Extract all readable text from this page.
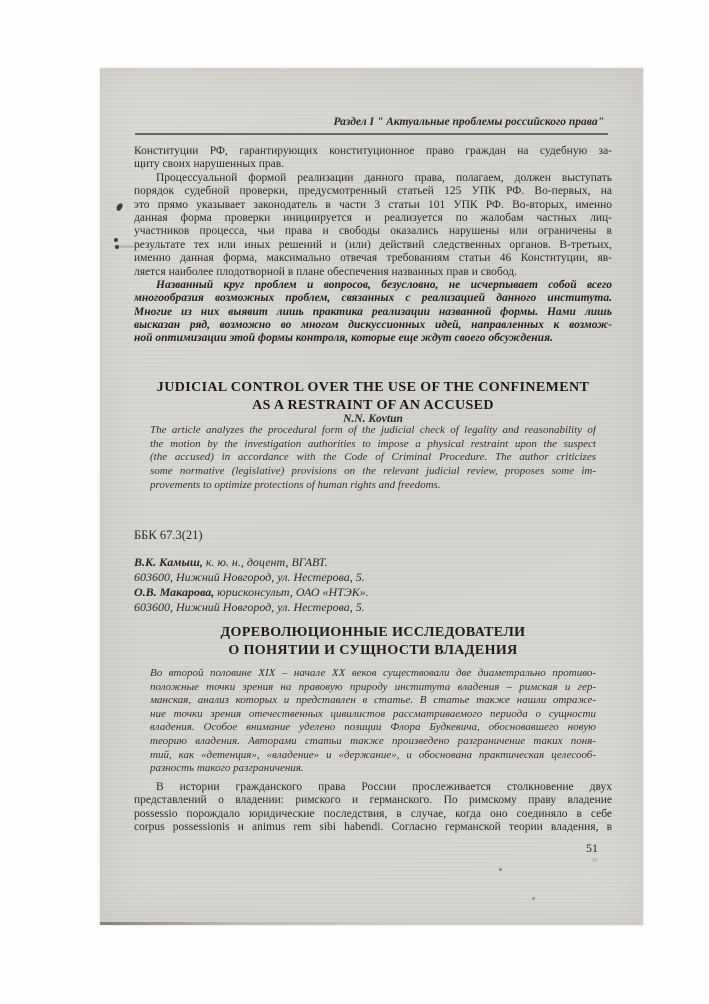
Раздел I " Актуальные проблемы российского права"
Конституции РФ, гарантирующих конституционное право граждан на судебную за-
щиту своих нарушенных прав.
Процессуальной формой реализации данного права, полагаем, должен выступать
порядок судебной проверки, предусмотренный статьей 125 УПК РФ. Во-первых, на
это прямо указывает законодатель в части 3 статьи 101 УПК РФ. Во-вторых, именно
данная форма проверки инициируется и реализуется по жалобам частных лиц-
участников процесса, чьи права и свободы оказались нарушены или ограничены в
результате тех или иных решений и (или) действий следственных органов. В-третьих,
именно данная форма, максимально отвечая требованиям статьи 46 Конституции, яв-
ляется наиболее плодотворной в плане обеспечения названных прав и свобод.
Названный круг проблем и вопросов, безусловно, не исчерпывает собой всего
многообразия возможных проблем, связанных с реализацией данного института.
Многие из них выявит лишь практика реализации названной формы. Нами лишь
высказан ряд, возможно во многом дискуссионных идей, направленных к возмож-
ной оптимизации этой формы контроля, которые еще ждут своего обсуждения.
JUDICIAL CONTROL OVER THE USE OF THE CONFINEMENT
AS A RESTRAINT OF AN ACCUSED
N.N. Kovtun
The article analyzes the procedural form of the judicial check of legality and reasonability of
the motion by the investigation authorities to impose a physical restraint upon the suspect
(the accused) in accordance with the Code of Criminal Procedure. The author criticizes
some normative (legislative) provisions on the relevant judicial review, proposes some im-
provements to optimize protections of human rights and freedoms.
ББК 67.3(21)
В.К. Камыш, к. ю. н., доцент, ВГАВТ.
603600, Нижний Новгород, ул. Нестерова, 5.
О.В. Макарова, юрисконсульт, ОАО «НТЭК».
603600, Нижний Новгород, ул. Нестерова, 5.
ДОРЕВОЛЮЦИОННЫЕ ИССЛЕДОВАТЕЛИ
О ПОНЯТИИ И СУЩНОСТИ ВЛАДЕНИЯ
Во второй половине XIX – начале XX веков существовали две диаметрально противо-
положные точки зрения на правовую природу института владения – римская и гер-
манская, анализ которых и представлен в статье. В статье также нашли отраже-
ние точки зрения отечественных цивилистов рассматриваемого периода о сущности
владения. Особое внимание уделено позиции Флора Будкевича, обосновавшего новую
теорию владения. Авторами статьи также произведено разграничение таких поня-
тий, как «детенция», «владение» и «держание», и обоснована практическая целесооб-
разность такого разграничения.
В истории гражданского права России прослеживается столкновение двух
представлений о владении: римского и германского. По римскому праву владение
possessio порождало юридические последствия, в случае, когда оно соединяло в себе
corpus possessionis и animus rem sibi habendi. Согласно германской теории владения, в
51
